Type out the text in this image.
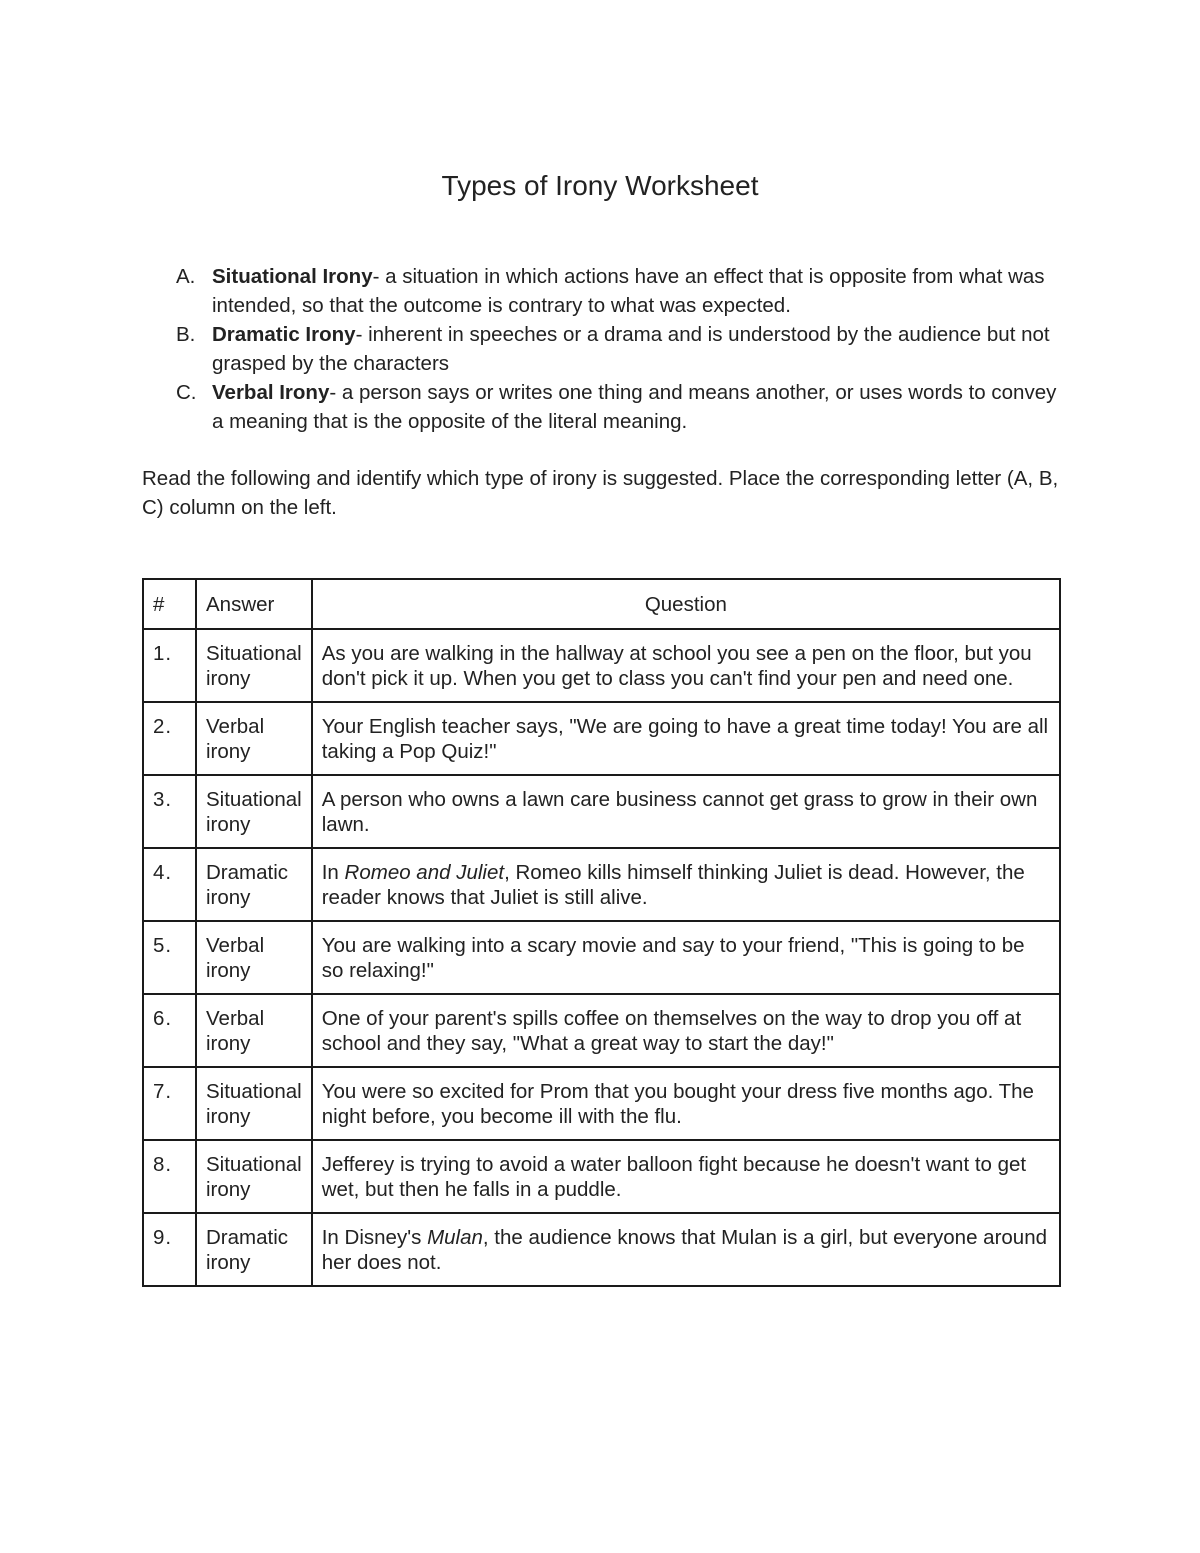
Types of Irony Worksheet
A. Situational Irony- a situation in which actions have an effect that is opposite from what was intended, so that the outcome is contrary to what was expected.
B. Dramatic Irony- inherent in speeches or a drama and is understood by the audience but not grasped by the characters
C. Verbal Irony- a person says or writes one thing and means another, or uses words to convey a meaning that is the opposite of the literal meaning.
Read the following and identify which type of irony is suggested. Place the corresponding letter (A, B, C) column on the left.
#	Answer	Question
1.	Situational irony	As you are walking in the hallway at school you see a pen on the floor, but you don't pick it up. When you get to class you can't find your pen and need one.
2.	Verbal irony	Your English teacher says, "We are going to have a great time today! You are all taking a Pop Quiz!"
3.	Situational irony	A person who owns a lawn care business cannot get grass to grow in their own lawn.
4.	Dramatic irony	In Romeo and Juliet, Romeo kills himself thinking Juliet is dead. However, the reader knows that Juliet is still alive.
5.	Verbal irony	You are walking into a scary movie and say to your friend, "This is going to be so relaxing!"
6.	Verbal irony	One of your parent's spills coffee on themselves on the way to drop you off at school and they say, "What a great way to start the day!"
7.	Situational irony	You were so excited for Prom that you bought your dress five months ago. The night before, you become ill with the flu.
8.	Situational irony	Jefferey is trying to avoid a water balloon fight because he doesn't want to get wet, but then he falls in a puddle.
9.	Dramatic irony	In Disney's Mulan, the audience knows that Mulan is a girl, but everyone around her does not.
